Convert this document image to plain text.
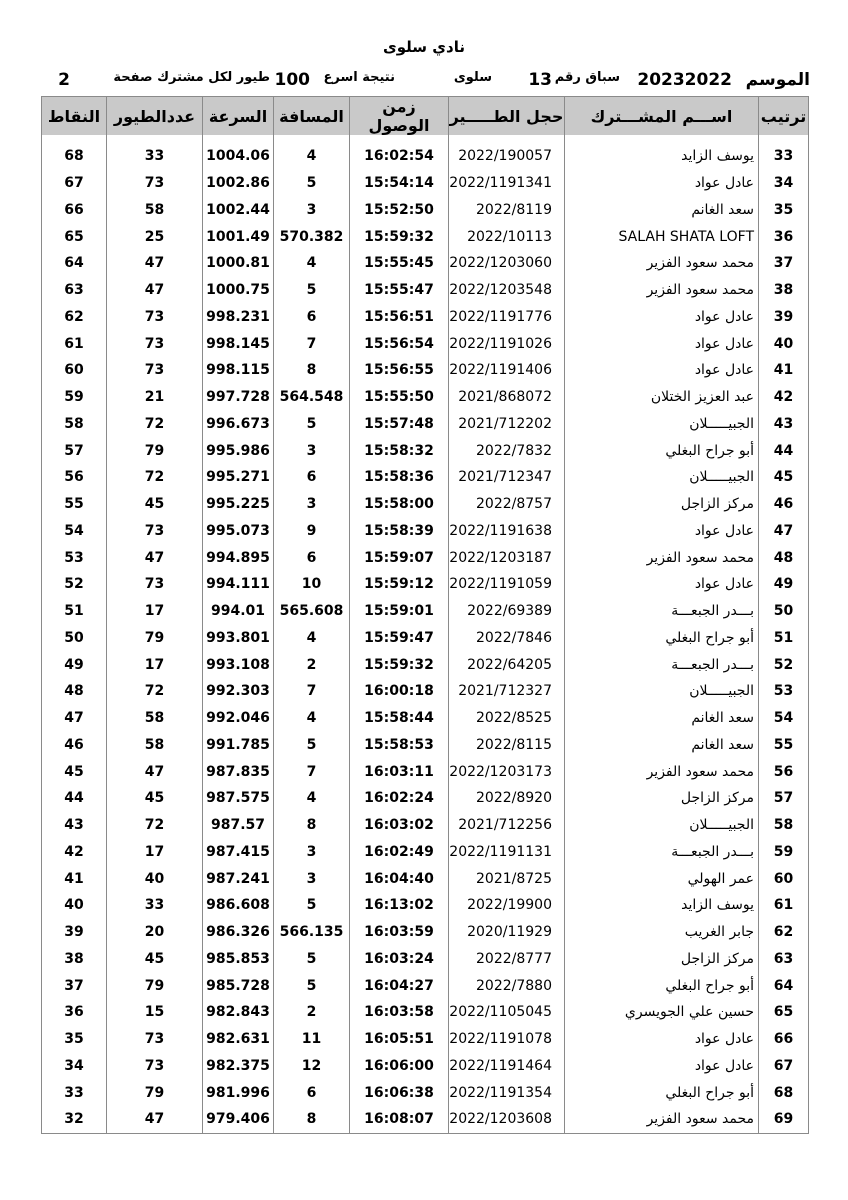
نادي سلوى
الموسم
20232022
سباق رقم
13
سلوى
نتيجة اسرع
100
طيور لكل مشترك صفحة
2
النقاط	عددالطيور	السرعة	المسافة	زمن الوصول	حجل الطـــــير	اســـم المشـــترك	ترتيب

68	33	1004.06	4	16:02:54	2022/190057	يوسف الزايد	33
67	73	1002.86	5	15:54:14	2022/1191341	عادل عواد	34
66	58	1002.44	3	15:52:50	2022/8119	سعد الغانم	35
65	25	1001.49	570.382	15:59:32	2022/10113	SALAH SHATA LOFT	36
64	47	1000.81	4	15:55:45	2022/1203060	محمد سعود الفزير	37
63	47	1000.75	5	15:55:47	2022/1203548	محمد سعود الفزير	38
62	73	998.231	6	15:56:51	2022/1191776	عادل عواد	39
61	73	998.145	7	15:56:54	2022/1191026	عادل عواد	40
60	73	998.115	8	15:56:55	2022/1191406	عادل عواد	41
59	21	997.728	564.548	15:55:50	2021/868072	عبد العزيز الختلان	42
58	72	996.673	5	15:57:48	2021/712202	الجبيـــــلان	43
57	79	995.986	3	15:58:32	2022/7832	أبو جراح البغلي	44
56	72	995.271	6	15:58:36	2021/712347	الجبيـــــلان	45
55	45	995.225	3	15:58:00	2022/8757	مركز الزاجل	46
54	73	995.073	9	15:58:39	2022/1191638	عادل عواد	47
53	47	994.895	6	15:59:07	2022/1203187	محمد سعود الفزير	48
52	73	994.111	10	15:59:12	2022/1191059	عادل عواد	49
51	17	994.01	565.608	15:59:01	2022/69389	بـــدر الجبعـــة	50
50	79	993.801	4	15:59:47	2022/7846	أبو جراح البغلي	51
49	17	993.108	2	15:59:32	2022/64205	بـــدر الجبعـــة	52
48	72	992.303	7	16:00:18	2021/712327	الجبيـــــلان	53
47	58	992.046	4	15:58:44	2022/8525	سعد الغانم	54
46	58	991.785	5	15:58:53	2022/8115	سعد الغانم	55
45	47	987.835	7	16:03:11	2022/1203173	محمد سعود الفزير	56
44	45	987.575	4	16:02:24	2022/8920	مركز الزاجل	57
43	72	987.57	8	16:03:02	2021/712256	الجبيـــــلان	58
42	17	987.415	3	16:02:49	2022/1191131	بـــدر الجبعـــة	59
41	40	987.241	3	16:04:40	2021/8725	عمر الهولي	60
40	33	986.608	5	16:13:02	2022/19900	يوسف الزايد	61
39	20	986.326	566.135	16:03:59	2020/11929	جابر الغريب	62
38	45	985.853	5	16:03:24	2022/8777	مركز الزاجل	63
37	79	985.728	5	16:04:27	2022/7880	أبو جراح البغلي	64
36	15	982.843	2	16:03:58	2022/1105045	حسين علي الجويسري	65
35	73	982.631	11	16:05:51	2022/1191078	عادل عواد	66
34	73	982.375	12	16:06:00	2022/1191464	عادل عواد	67
33	79	981.996	6	16:06:38	2022/1191354	أبو جراح البغلي	68
32	47	979.406	8	16:08:07	2022/1203608	محمد سعود الفزير	69
